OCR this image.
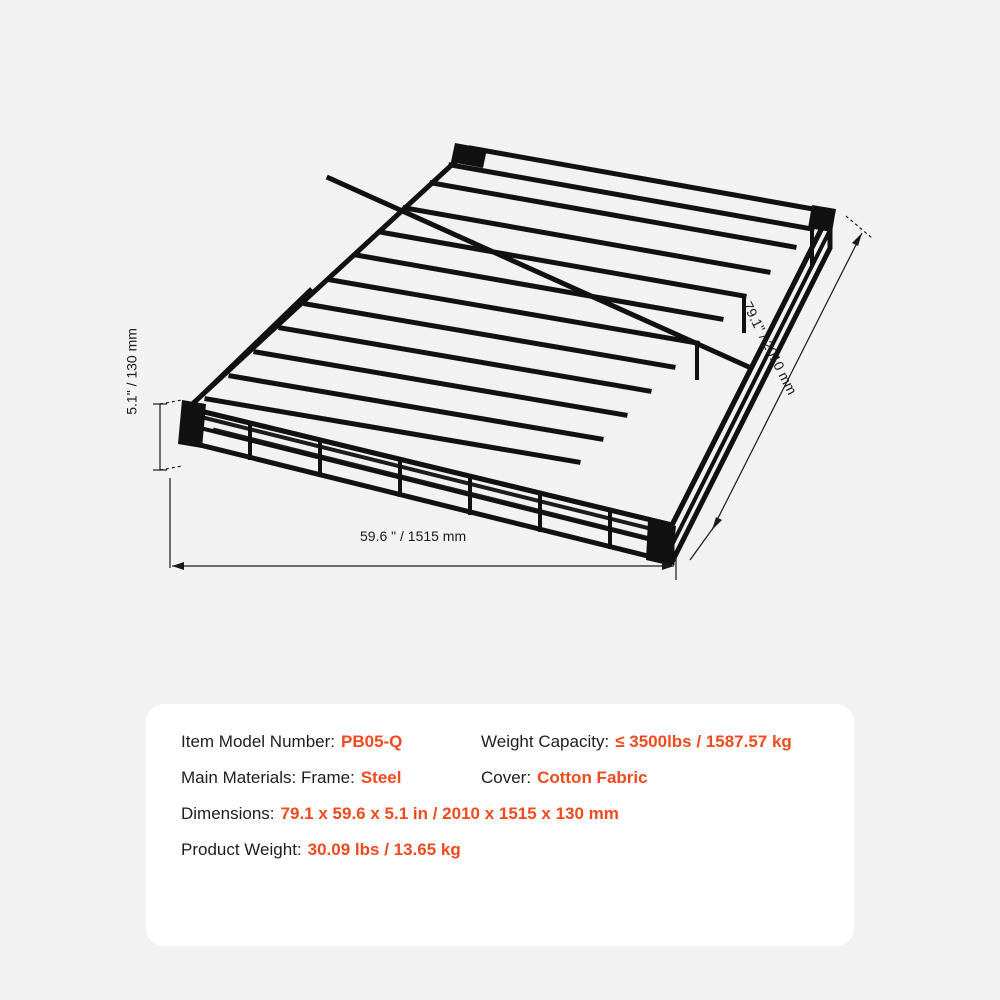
5.1" / 130 mm
59.6 " / 1515 mm
79.1" / 2010 mm
Item Model Number: PB05-Q	Weight Capacity: ≤ 3500lbs / 1587.57 kg
Main Materials: Frame: Steel	Cover: Cotton Fabric
Dimensions: 79.1 x 59.6 x 5.1 in / 2010 x 1515 x 130 mm
Product Weight: 30.09 lbs / 13.65 kg
